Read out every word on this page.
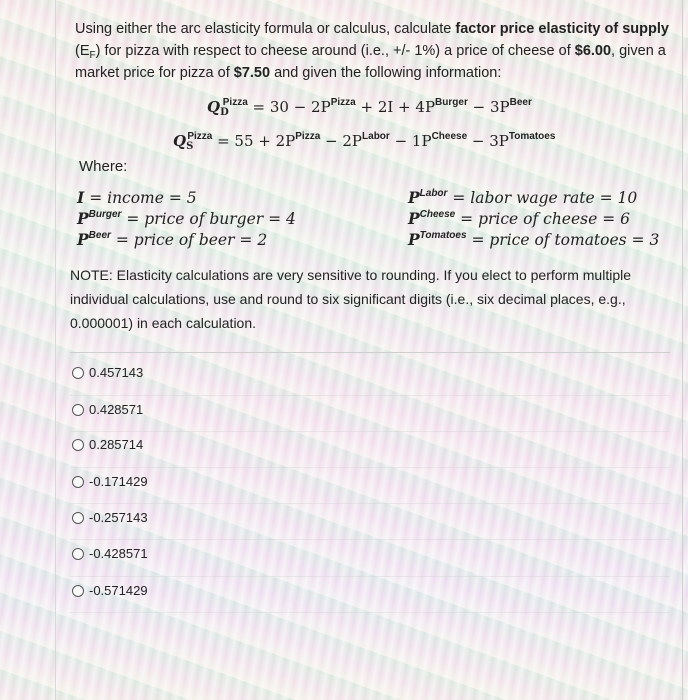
Using either the arc elasticity formula or calculus, calculate factor price elasticity of supply
$(E_F)$ for pizza with respect to cheese around (i.e., +/- 1%) a price of cheese of $6.00, given a
market price for pizza of $7.50 and given the following information:
$Q_D^{Pizza} = 30 - 2P^{Pizza} + 2I + 4P^{Burger} - 3P^{Beer}$
$Q_S^{Pizza} = 55 + 2P^{Pizza} - 2P^{Labor} - 1P^{Cheese} - 3P^{Tomatoes}$
Where:
I = income = 5
$P^{Burger}$ = price of burger = 4
$P^{Beer}$ = price of beer = 2
$P^{Labor}$ = labor wage rate = 10
$P^{Cheese}$ = price of cheese = 6
$P^{Tomatoes}$ = price of tomatoes = 3
NOTE: Elasticity calculations are very sensitive to rounding. If you elect to perform multiple individual calculations, use and round to six significant digits (i.e., six decimal places, e.g., 0.000001) in each calculation.
0.457143
0.428571
0.285714
-0.171429
-0.257143
-0.428571
-0.571429
